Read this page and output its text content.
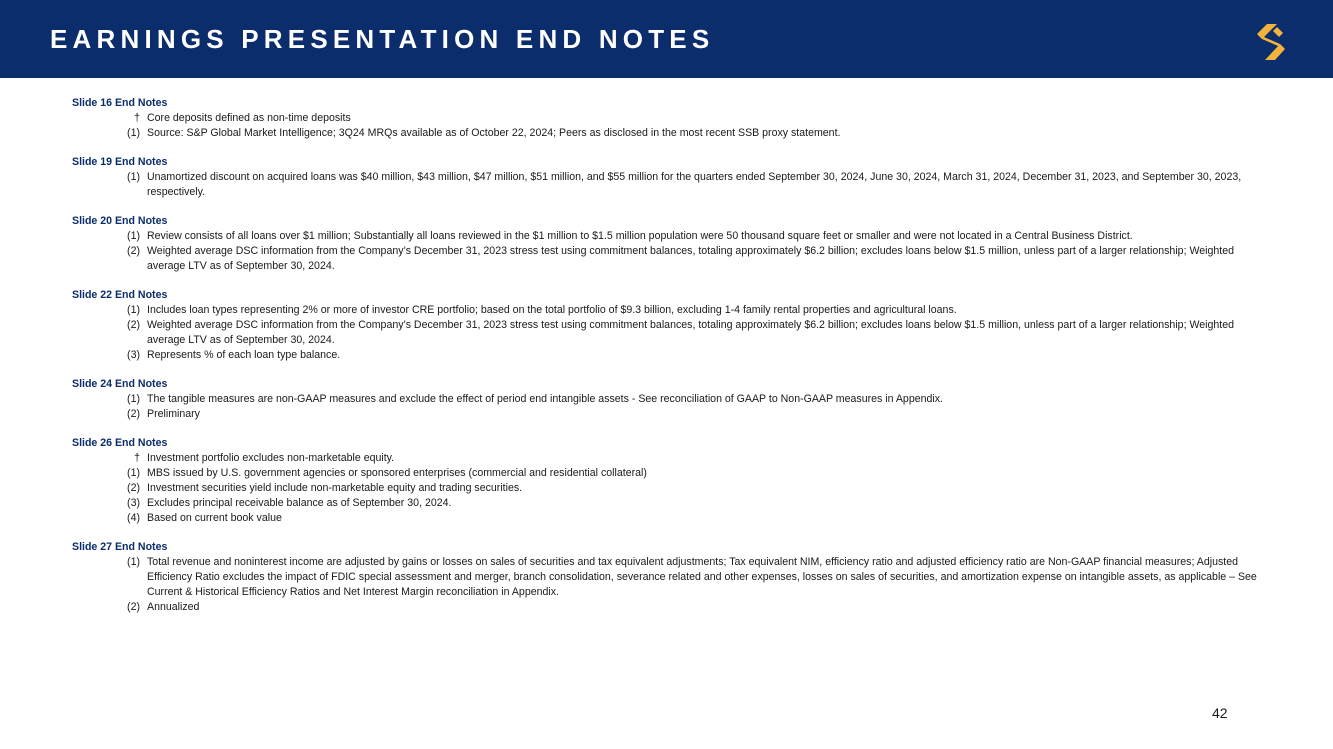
EARNINGS PRESENTATION END NOTES
Slide 16 End Notes
† Core deposits defined as non-time deposits
(1) Source: S&P Global Market Intelligence; 3Q24 MRQs available as of October 22, 2024; Peers as disclosed in the most recent SSB proxy statement.
Slide 19 End Notes
(1) Unamortized discount on acquired loans was $40 million, $43 million, $47 million, $51 million, and $55 million for the quarters ended September 30, 2024, June 30, 2024, March 31, 2024, December 31, 2023, and September 30, 2023, respectively.
Slide 20 End Notes
(1) Review consists of all loans over $1 million; Substantially all loans reviewed in the $1 million to $1.5 million population were 50 thousand square feet or smaller and were not located in a Central Business District.
(2) Weighted average DSC information from the Company’s December 31, 2023 stress test using commitment balances, totaling approximately $6.2 billion; excludes loans below $1.5 million, unless part of a larger relationship; Weighted average LTV as of September 30, 2024.
Slide 22 End Notes
(1) Includes loan types representing 2% or more of investor CRE portfolio; based on the total portfolio of $9.3 billion, excluding 1-4 family rental properties and agricultural loans.
(2) Weighted average DSC information from the Company’s December 31, 2023 stress test using commitment balances, totaling approximately $6.2 billion; excludes loans below $1.5 million, unless part of a larger relationship; Weighted average LTV as of September 30, 2024.
(3) Represents % of each loan type balance.
Slide 24 End Notes
(1) The tangible measures are non-GAAP measures and exclude the effect of period end intangible assets - See reconciliation of GAAP to Non-GAAP measures in Appendix.
(2) Preliminary
Slide 26 End Notes
† Investment portfolio excludes non-marketable equity.
(1) MBS issued by U.S. government agencies or sponsored enterprises (commercial and residential collateral)
(2) Investment securities yield include non-marketable equity and trading securities.
(3) Excludes principal receivable balance as of September 30, 2024.
(4) Based on current book value
Slide 27 End Notes
(1) Total revenue and noninterest income are adjusted by gains or losses on sales of securities and tax equivalent adjustments; Tax equivalent NIM, efficiency ratio and adjusted efficiency ratio are Non-GAAP financial measures; Adjusted Efficiency Ratio excludes the impact of FDIC special assessment and merger, branch consolidation, severance related and other expenses, losses on sales of securities, and amortization expense on intangible assets, as applicable – See Current & Historical Efficiency Ratios and Net Interest Margin reconciliation in Appendix.
(2) Annualized
42
